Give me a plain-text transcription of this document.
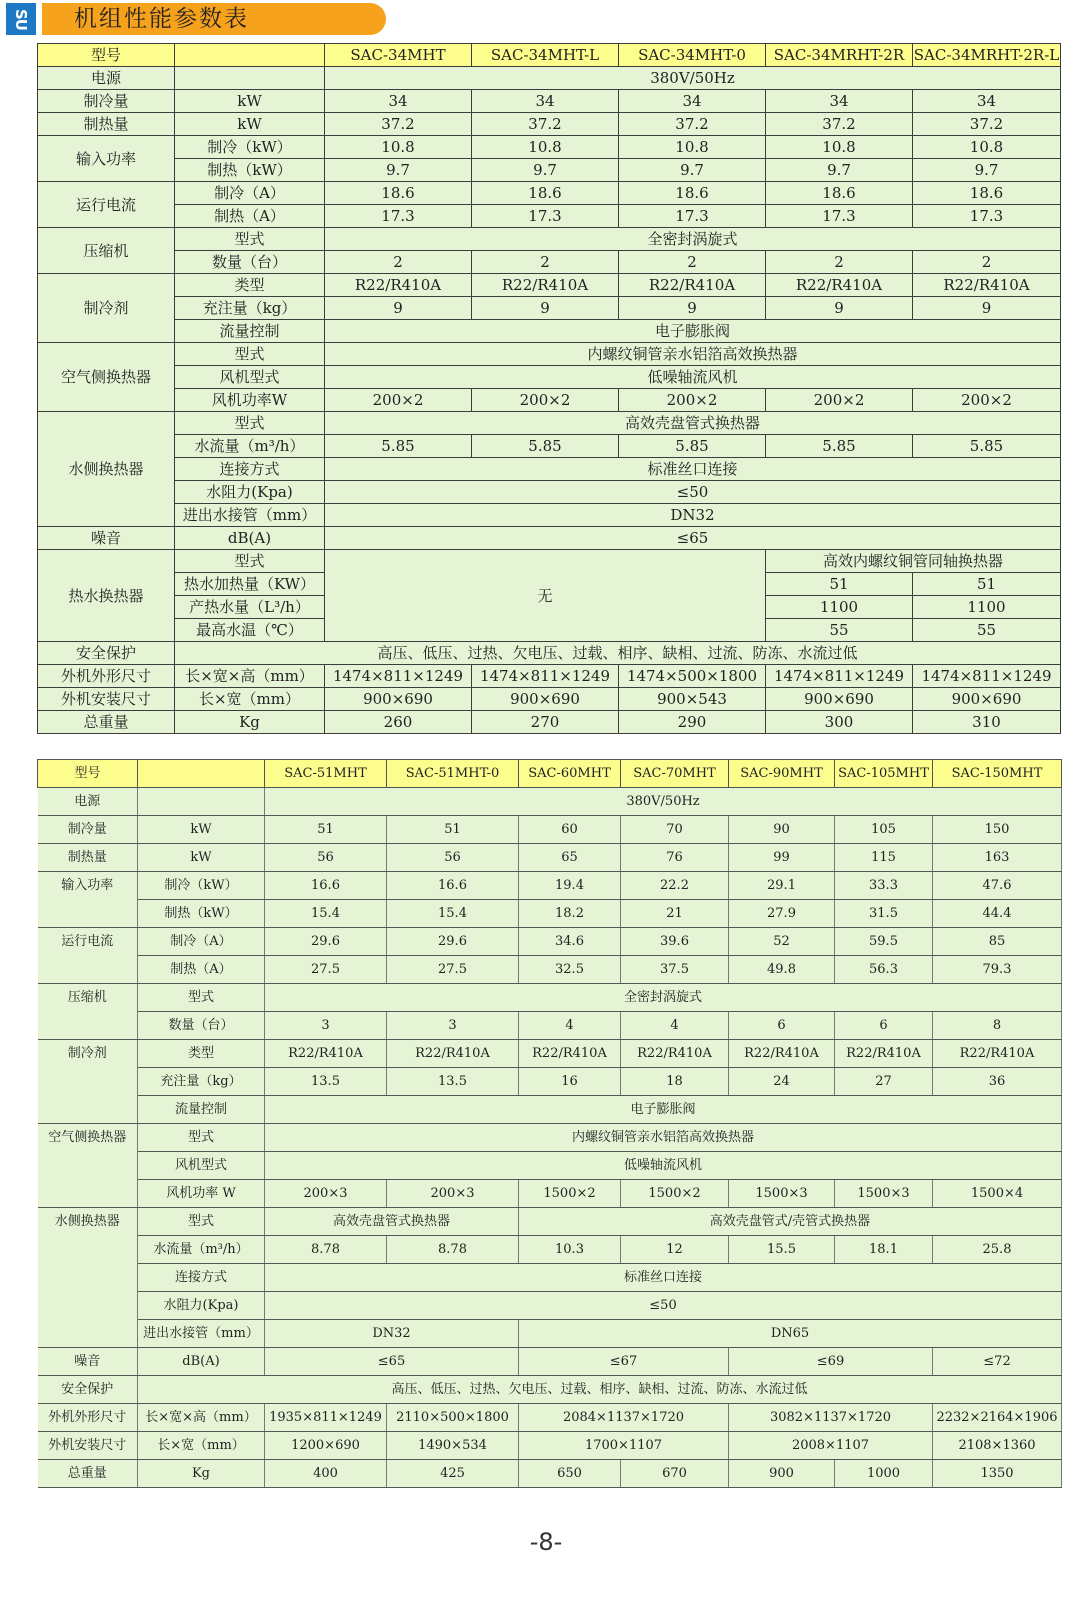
SU 机组性能参数表
型号		SAC-34MHT	SAC-34MHT-L	SAC-34MHT-0	SAC-34MRHT-2R	SAC-34MRHT-2R-L
电源		380V/50Hz				
制冷量	kW	34	34	34	34	34
制热量	kW	37.2	37.2	37.2	37.2	37.2
输入功率	制冷（kW）	10.8	10.8	10.8	10.8	10.8
	制热（kW）	9.7	9.7	9.7	9.7	9.7
运行电流	制冷（A）	18.6	18.6	18.6	18.6	18.6
	制热（A）	17.3	17.3	17.3	17.3	17.3
压缩机	型式	全密封涡旋式				
	数量（台）	2	2	2	2	2
制冷剂	类型	R22/R410A	R22/R410A	R22/R410A	R22/R410A	R22/R410A
	充注量（kg）	9	9	9	9	9
	流量控制	电子膨胀阀				
空气侧换热器	型式	内螺纹铜管亲水铝箔高效换热器				
	风机型式	低噪轴流风机				
	风机功率W	200×2	200×2	200×2	200×2	200×2
水侧换热器	型式	高效壳盘管式换热器				
	水流量（m³/h）	5.85	5.85	5.85	5.85	5.85
	连接方式	标准丝口连接				
	水阻力(Kpa)	≤50				
	进出水接管（mm）	DN32				
噪音	dB(A)	≤65				
热水换热器	型式	无			高效内螺纹铜管同轴换热器	
	热水加热量（KW）				51	51
	产热水量（L³/h）				1100	1100
	最高水温（℃）				55	55
安全保护	高压、低压、过热、欠电压、过载、相序、缺相、过流、防冻、水流过低					
外机外形尺寸	长×宽×高（mm）	1474×811×1249	1474×811×1249	1474×500×1800	1474×811×1249	1474×811×1249
外机安装尺寸	长×宽（mm）	900×690	900×690	900×543	900×690	900×690
总重量	Kg	260	270	290	300	310
型号		SAC-51MHT	SAC-51MHT-0	SAC-60MHT	SAC-70MHT	SAC-90MHT	SAC-105MHT	SAC-150MHT
电源		380V/50Hz						
制冷量	kW	51	51	60	70	90	105	150
制热量	kW	56	56	65	76	99	115	163
输入功率	制冷（kW）	16.6	16.6	19.4	22.2	29.1	33.3	47.6
	制热（kW）	15.4	15.4	18.2	21	27.9	31.5	44.4
运行电流	制冷（A）	29.6	29.6	34.6	39.6	52	59.5	85
	制热（A）	27.5	27.5	32.5	37.5	49.8	56.3	79.3
压缩机	型式	全密封涡旋式						
	数量（台）	3	3	4	4	6	6	8
制冷剂	类型	R22/R410A	R22/R410A	R22/R410A	R22/R410A	R22/R410A	R22/R410A	R22/R410A
	充注量（kg）	13.5	13.5	16	18	24	27	36
	流量控制	电子膨胀阀						
空气侧换热器	型式	内螺纹铜管亲水铝箔高效换热器						
	风机型式	低噪轴流风机						
	风机功率 W	200×3	200×3	1500×2	1500×2	1500×3	1500×3	1500×4
水侧换热器	型式	高效壳盘管式换热器		高效壳盘管式/壳管式换热器				
	水流量（m³/h）	8.78	8.78	10.3	12	15.5	18.1	25.8
	连接方式	标准丝口连接						
	水阻力(Kpa)	≤50						
	进出水接管（mm）	DN32		DN65				
噪音	dB(A)	≤65		≤67		≤69		≤72
安全保护	高压、低压、过热、欠电压、过载、相序、缺相、过流、防冻、水流过低							
外机外形尺寸	长×宽×高（mm）	1935×811×1249	2110×500×1800	2084×1137×1720		3082×1137×1720		2232×2164×1906
外机安装尺寸	长×宽（mm）	1200×690	1490×534	1700×1107		2008×1107		2108×1360
总重量	Kg	400	425	650	670	900	1000	1350
-8-
